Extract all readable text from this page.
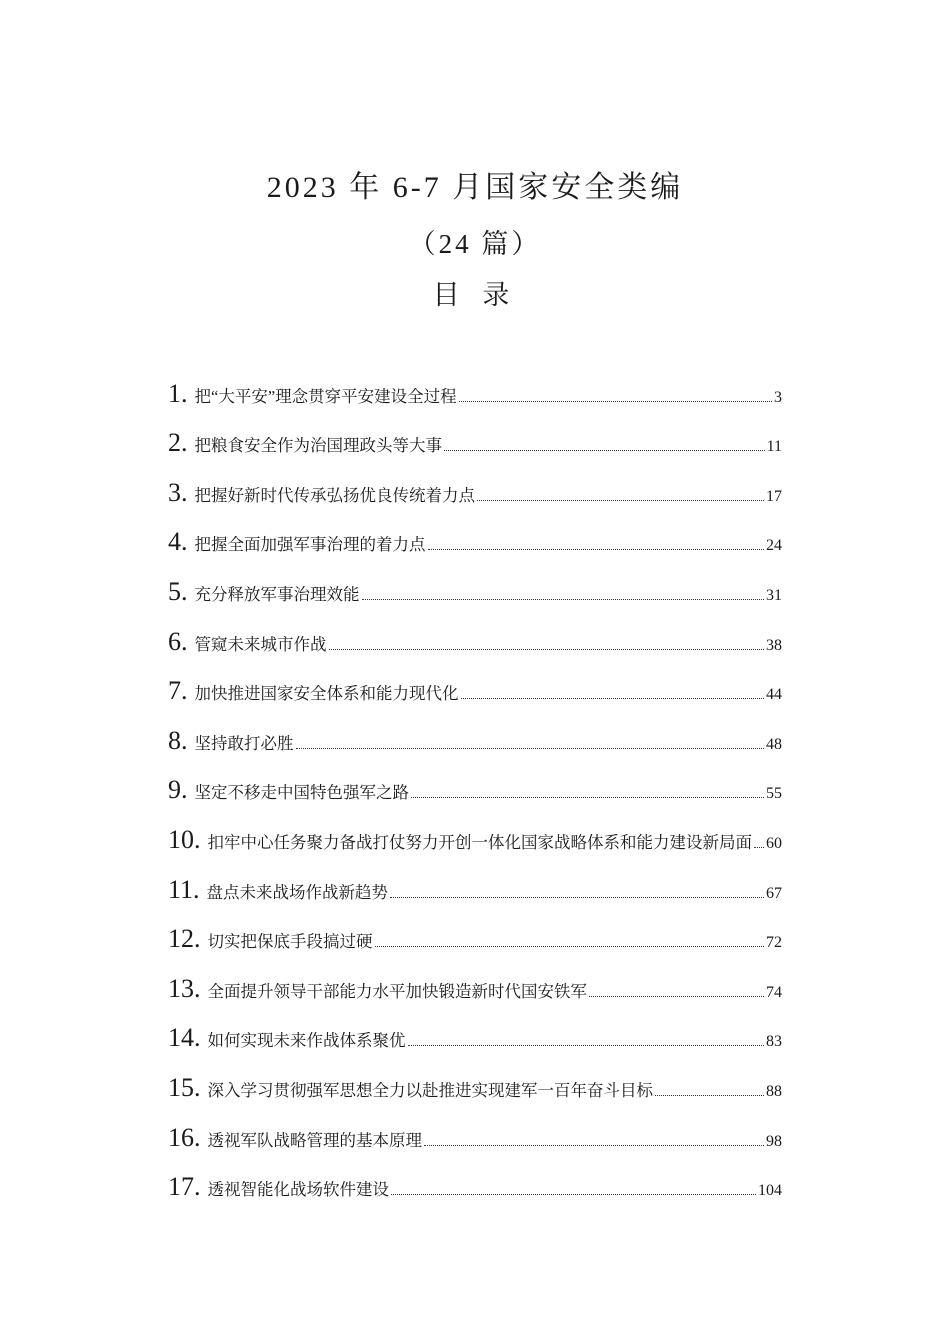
2023 年 6-7 月国家安全类编
（24 篇）
目 录
1. 把“大平安”理念贯穿平安建设全过程	3
2. 把粮食安全作为治国理政头等大事	11
3. 把握好新时代传承弘扬优良传统着力点	17
4. 把握全面加强军事治理的着力点	24
5. 充分释放军事治理效能	31
6. 管窥未来城市作战	38
7. 加快推进国家安全体系和能力现代化	44
8. 坚持敢打必胜	48
9. 坚定不移走中国特色强军之路	55
10. 扣牢中心任务聚力备战打仗努力开创一体化国家战略体系和能力建设新局面 60
11. 盘点未来战场作战新趋势	67
12. 切实把保底手段搞过硬	72
13. 全面提升领导干部能力水平加快锻造新时代国安铁军	74
14. 如何实现未来作战体系聚优	83
15. 深入学习贯彻强军思想全力以赴推进实现建军一百年奋斗目标	88
16. 透视军队战略管理的基本原理	98
17. 透视智能化战场软件建设	104
